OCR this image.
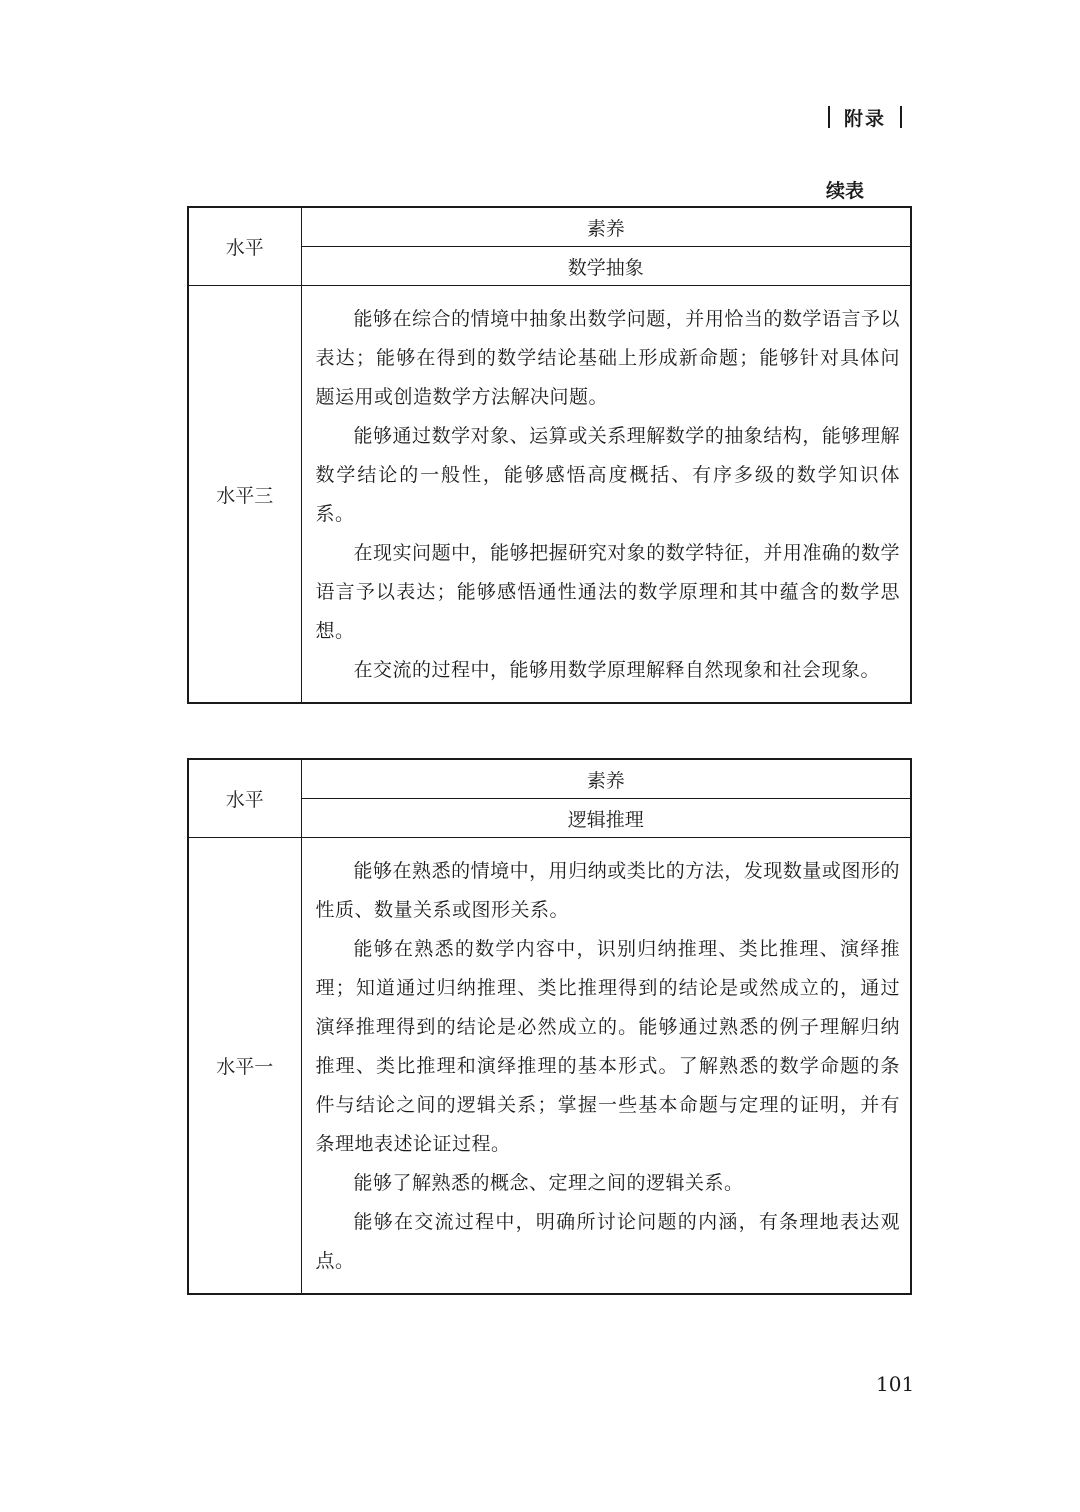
附录
续表
水平	素养
	数学抽象
水平三	能够在综合的情境中抽象出数学问题，并用恰当的数学语言予以表达；能够在得到的数学结论基础上形成新命题；能够针对具体问题运用或创造数学方法解决问题。

能够通过数学对象、运算或关系理解数学的抽象结构，能够理解数学结论的一般性，能够感悟高度概括、有序多级的数学知识体系。

在现实问题中，能够把握研究对象的数学特征，并用准确的数学语言予以表达；能够感悟通性通法的数学原理和其中蕴含的数学思想。

在交流的过程中，能够用数学原理解释自然现象和社会现象。

水平	素养
	逻辑推理
水平一	能够在熟悉的情境中，用归纳或类比的方法，发现数量或图形的性质、数量关系或图形关系。

能够在熟悉的数学内容中，识别归纳推理、类比推理、演绎推理；知道通过归纳推理、类比推理得到的结论是或然成立的，通过演绎推理得到的结论是必然成立的。能够通过熟悉的例子理解归纳推理、类比推理和演绎推理的基本形式。了解熟悉的数学命题的条件与结论之间的逻辑关系；掌握一些基本命题与定理的证明，并有条理地表述论证过程。

能够了解熟悉的概念、定理之间的逻辑关系。

能够在交流过程中，明确所讨论问题的内涵，有条理地表达观点。

101
